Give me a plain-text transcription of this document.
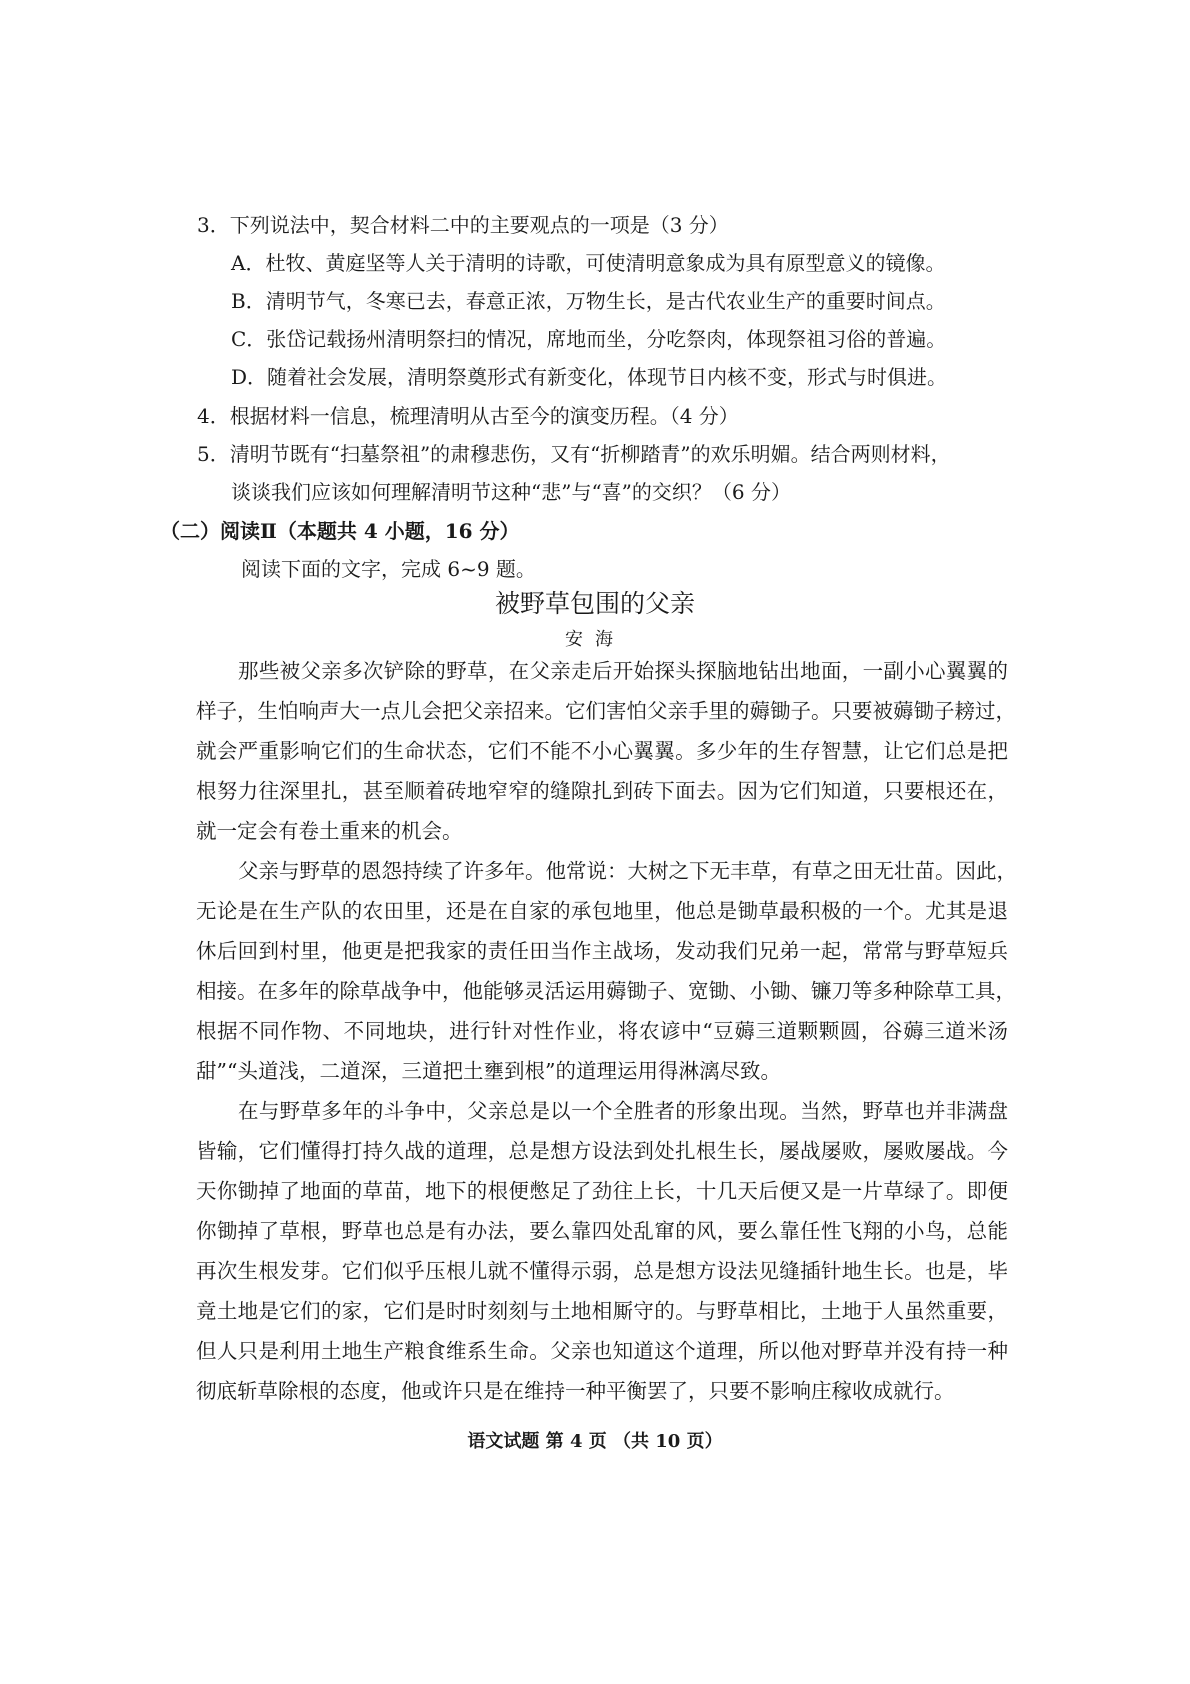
3．下列说法中，契合材料二中的主要观点的一项是（3 分）
A．杜牧、黄庭坚等人关于清明的诗歌，可使清明意象成为具有原型意义的镜像。
B．清明节气，冬寒已去，春意正浓，万物生长，是古代农业生产的重要时间点。
C．张岱记载扬州清明祭扫的情况，席地而坐，分吃祭肉，体现祭祖习俗的普遍。
D．随着社会发展，清明祭奠形式有新变化，体现节日内核不变，形式与时俱进。
4．根据材料一信息，梳理清明从古至今的演变历程。（4 分）
5．清明节既有“扫墓祭祖”的肃穆悲伤，又有“折柳踏青”的欢乐明媚。结合两则材料，
谈谈我们应该如何理解清明节这种“悲”与“喜”的交织？（6 分）
（二）阅读Ⅱ（本题共 4 小题，16 分）
阅读下面的文字，完成 6~9 题。
被野草包围的父亲
安海
那些被父亲多次铲除的野草，在父亲走后开始探头探脑地钻出地面，一副小心翼翼的
样子，生怕响声大一点儿会把父亲招来。它们害怕父亲手里的薅锄子。只要被薅锄子耪过，
就会严重影响它们的生命状态，它们不能不小心翼翼。多少年的生存智慧，让它们总是把
根努力往深里扎，甚至顺着砖地窄窄的缝隙扎到砖下面去。因为它们知道，只要根还在，
就一定会有卷土重来的机会。
父亲与野草的恩怨持续了许多年。他常说：大树之下无丰草，有草之田无壮苗。因此，
无论是在生产队的农田里，还是在自家的承包地里，他总是锄草最积极的一个。尤其是退
休后回到村里，他更是把我家的责任田当作主战场，发动我们兄弟一起，常常与野草短兵
相接。在多年的除草战争中，他能够灵活运用薅锄子、宽锄、小锄、镰刀等多种除草工具，
根据不同作物、不同地块，进行针对性作业，将农谚中“豆薅三道颗颗圆，谷薅三道米汤
甜”“头道浅，二道深，三道把土壅到根”的道理运用得淋漓尽致。
在与野草多年的斗争中，父亲总是以一个全胜者的形象出现。当然，野草也并非满盘
皆输，它们懂得打持久战的道理，总是想方设法到处扎根生长，屡战屡败，屡败屡战。今
天你锄掉了地面的草苗，地下的根便憋足了劲往上长，十几天后便又是一片草绿了。即便
你锄掉了草根，野草也总是有办法，要么靠四处乱窜的风，要么靠任性飞翔的小鸟，总能
再次生根发芽。它们似乎压根儿就不懂得示弱，总是想方设法见缝插针地生长。也是，毕
竟土地是它们的家，它们是时时刻刻与土地相厮守的。与野草相比，土地于人虽然重要，
但人只是利用土地生产粮食维系生命。父亲也知道这个道理，所以他对野草并没有持一种
彻底斩草除根的态度，他或许只是在维持一种平衡罢了，只要不影响庄稼收成就行。
语文试题 第 4 页 （共 10 页）
